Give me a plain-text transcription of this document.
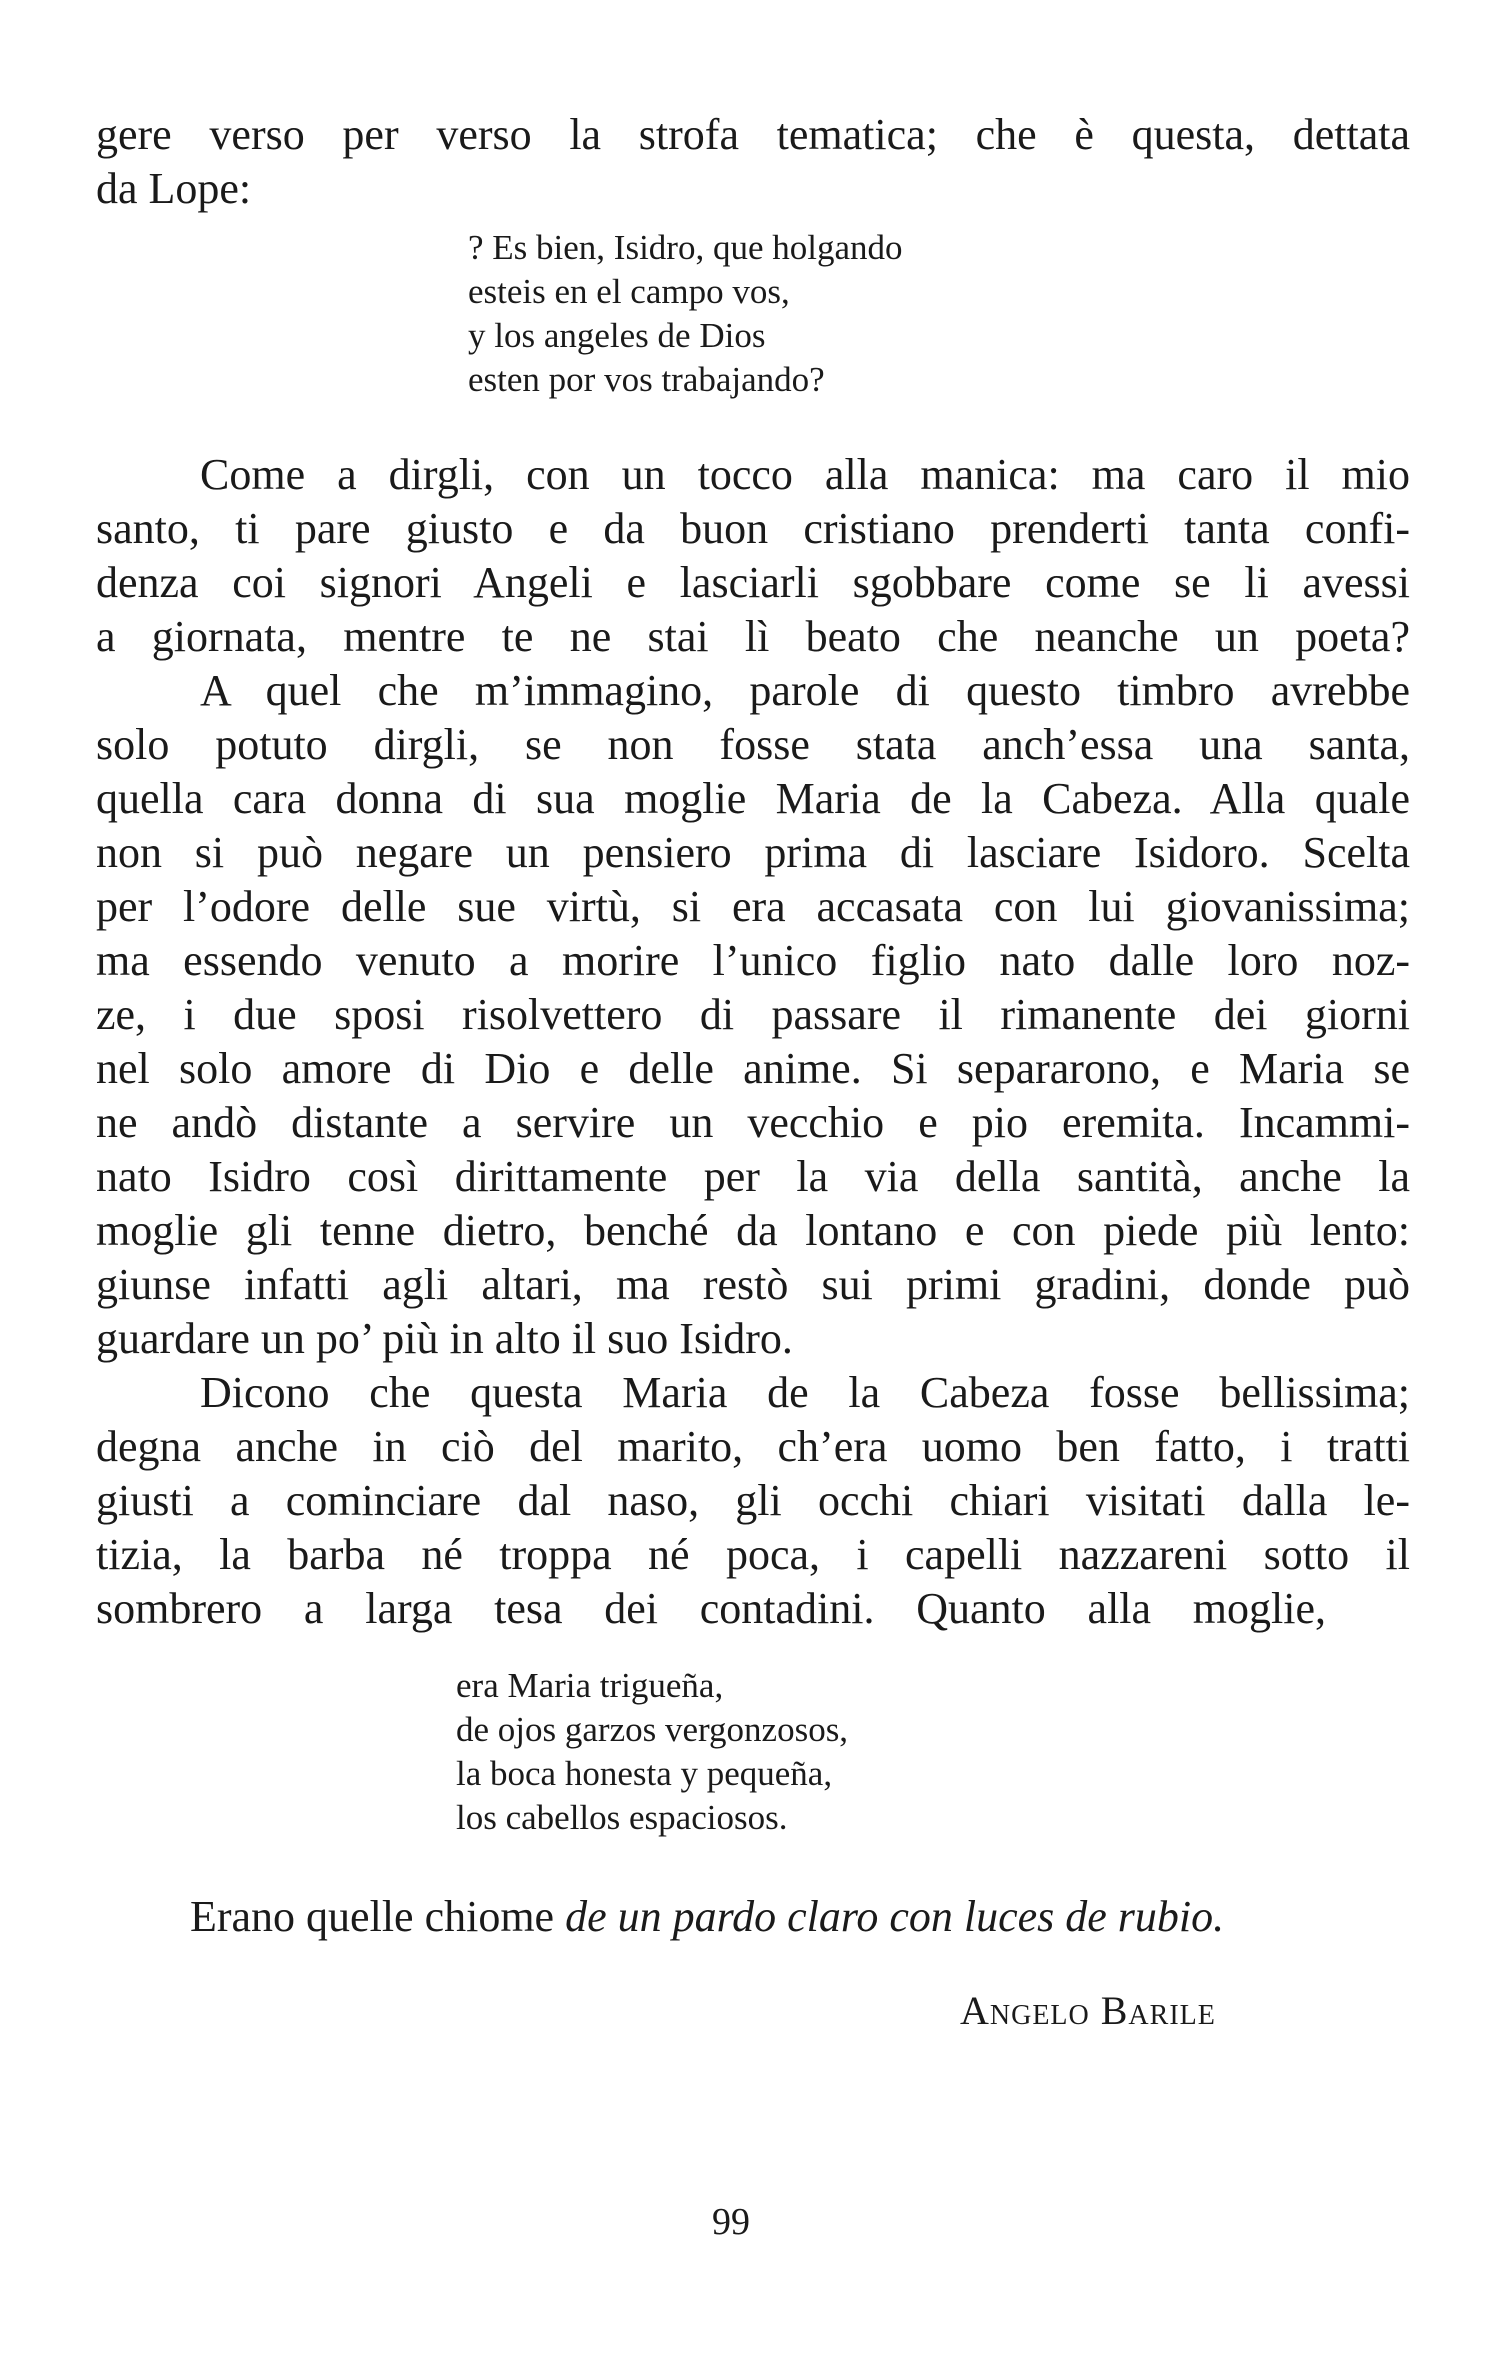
gere verso per verso la strofa tematica; che è questa, dettata

da Lope:

? Es bien, Isidro, que holgando

esteis en el campo vos,

y los angeles de Dios

esten por vos trabajando?

Come a dirgli, con un tocco alla manica: ma caro il mio

santo, ti pare giusto e da buon cristiano prenderti tanta confi-

denza coi signori Angeli e lasciarli sgobbare come se li avessi

a giornata, mentre te ne stai lì beato che neanche un poeta?

A quel che m’immagino, parole di questo timbro avrebbe

solo potuto dirgli, se non fosse stata anch’essa una santa,

quella cara donna di sua moglie Maria de la Cabeza. Alla quale

non si può negare un pensiero prima di lasciare Isidoro. Scelta

per l’odore delle sue virtù, si era accasata con lui giovanissima;

ma essendo venuto a morire l’unico figlio nato dalle loro noz-

ze, i due sposi risolvettero di passare il rimanente dei giorni

nel solo amore di Dio e delle anime. Si separarono, e Maria se

ne andò distante a servire un vecchio e pio eremita. Incammi-

nato Isidro così dirittamente per la via della santità, anche la

moglie gli tenne dietro, benché da lontano e con piede più lento:

giunse infatti agli altari, ma restò sui primi gradini, donde può

guardare un po’ più in alto il suo Isidro.

Dicono che questa Maria de la Cabeza fosse bellissima;

degna anche in ciò del marito, ch’era uomo ben fatto, i tratti

giusti a cominciare dal naso, gli occhi chiari visitati dalla le-

tizia, la barba né troppa né poca, i capelli nazzareni sotto il

sombrero a larga tesa dei contadini. Quanto alla moglie,

era Maria trigueña,

de ojos garzos vergonzosos,

la boca honesta y pequeña,

los cabellos espaciosos.

Erano quelle chiome de un pardo claro con luces de rubio.

Angelo Barile

99
